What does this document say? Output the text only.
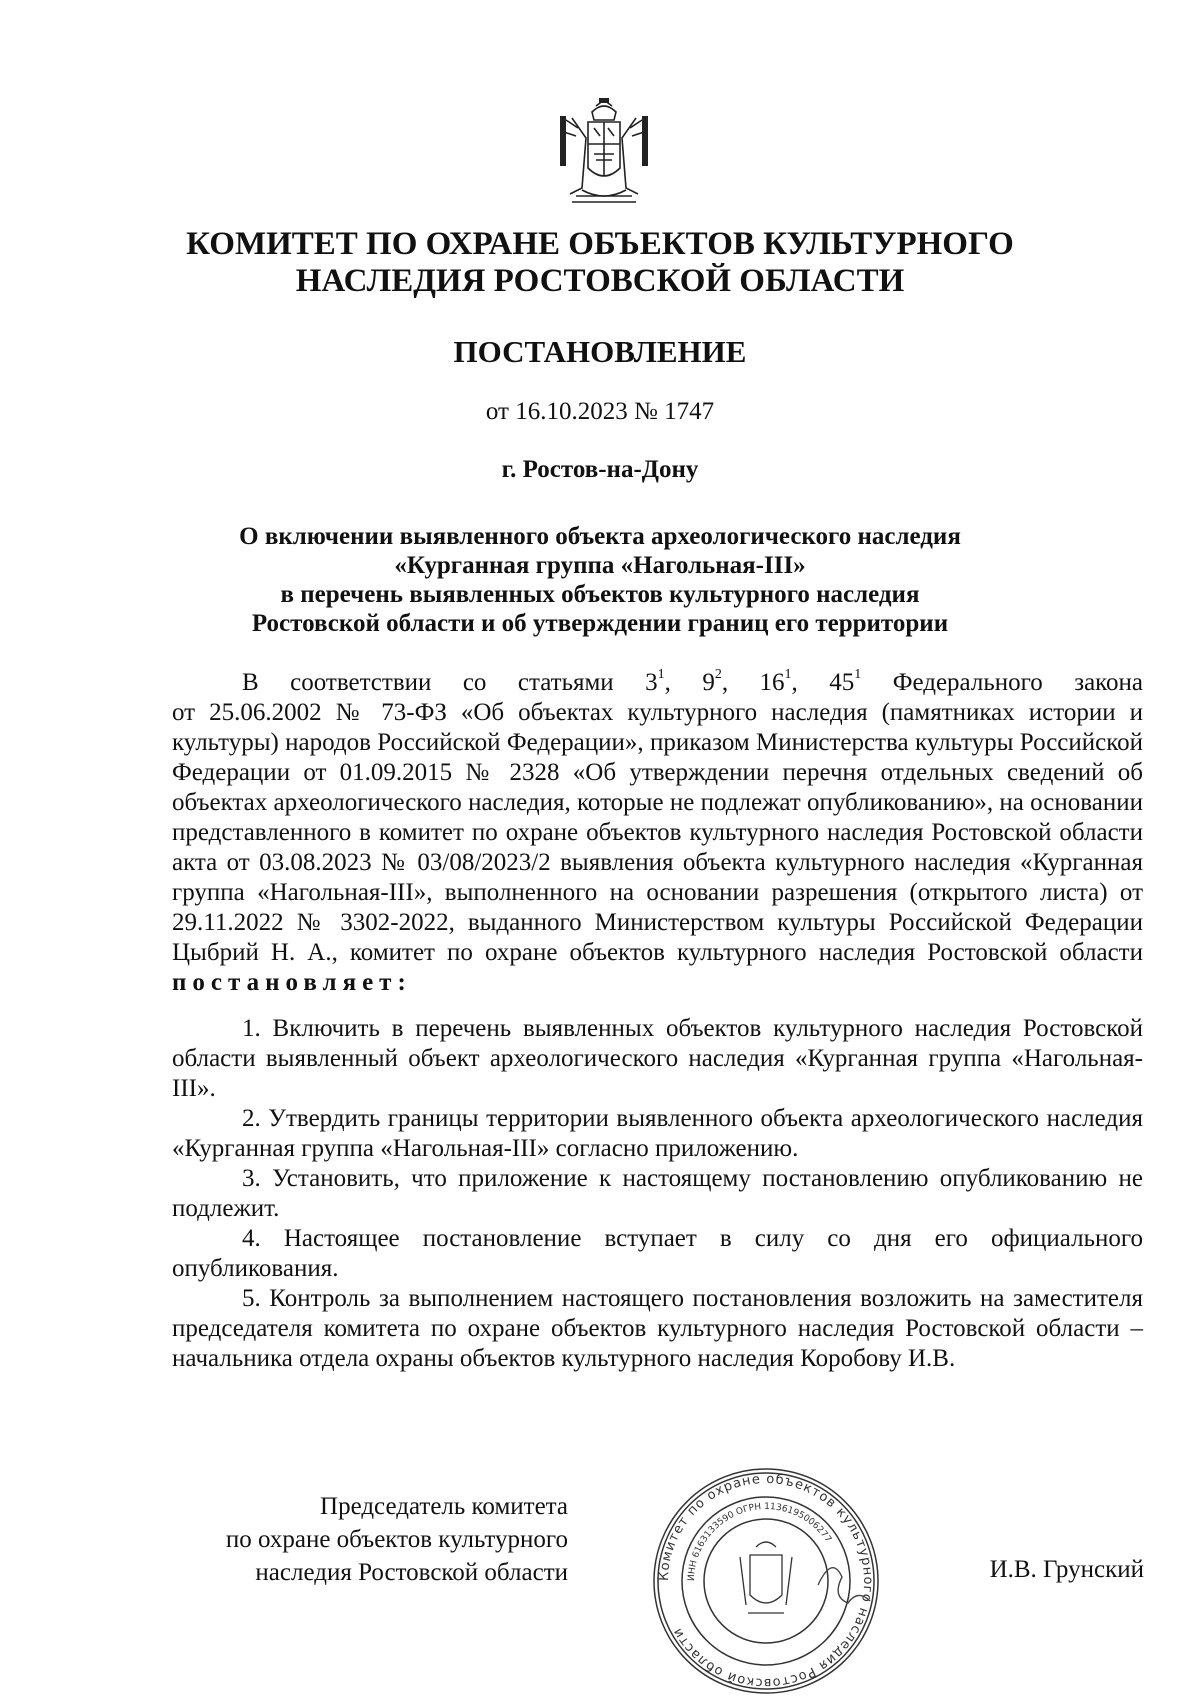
КОМИТЕТ ПО ОХРАНЕ ОБЪЕКТОВ КУЛЬТУРНОГО
НАСЛЕДИЯ РОСТОВСКОЙ ОБЛАСТИ
ПОСТАНОВЛЕНИЕ
от 16.10.2023 № 1747
г. Ростов-на-Дону
О включении выявленного объекта археологического наследия
«Курганная группа «Нагольная-III»
в перечень выявленных объектов культурного наследия
Ростовской области и об утверждении границ его территории

В соответствии со статьями $3^1$, $9^2$, $16^1$, $45^1$ Федерального закона
от 25.06.2002 № 73-ФЗ «Об объектах культурного наследия (памятниках истории и культуры) народов Российской Федерации», приказом Министерства культуры Российской Федерации от 01.09.2015 № 2328 «Об утверждении перечня отдельных сведений об объектах археологического наследия, которые не подлежат опубликованию», на основании представленного в комитет по охране объектов культурного наследия Ростовской области акта от 03.08.2023 № 03/08/2023/2 выявления объекта культурного наследия «Курганная группа «Нагольная-III», выполненного на основании разрешения (открытого листа) от 29.11.2022 № 3302-2022, выданного Министерством культуры Российской Федерации Цыбрий Н. А., комитет по охране объектов культурного наследия Ростовской области постановляет:

1. Включить в перечень выявленных объектов культурного наследия Ростовской области выявленный объект археологического наследия «Курганная группа «Нагольная-III».

2. Утвердить границы территории выявленного объекта археологического наследия «Курганная группа «Нагольная-III» согласно приложению.

3. Установить, что приложение к настоящему постановлению опубликованию не подлежит.

4. Настоящее постановление вступает в силу со дня его официального опубликования.

5. Контроль за выполнением настоящего постановления возложить на заместителя председателя комитета по охране объектов культурного наследия Ростовской области – начальника отдела охраны объектов культурного наследия Коробову И.В.

Председатель комитета
по охране объектов культурного
наследия Ростовской области	Комитет по охране объектов культурного наследия Ростовской области
ИНН 6163133590 ОГРН 1136195006277
И.В. Грунский
